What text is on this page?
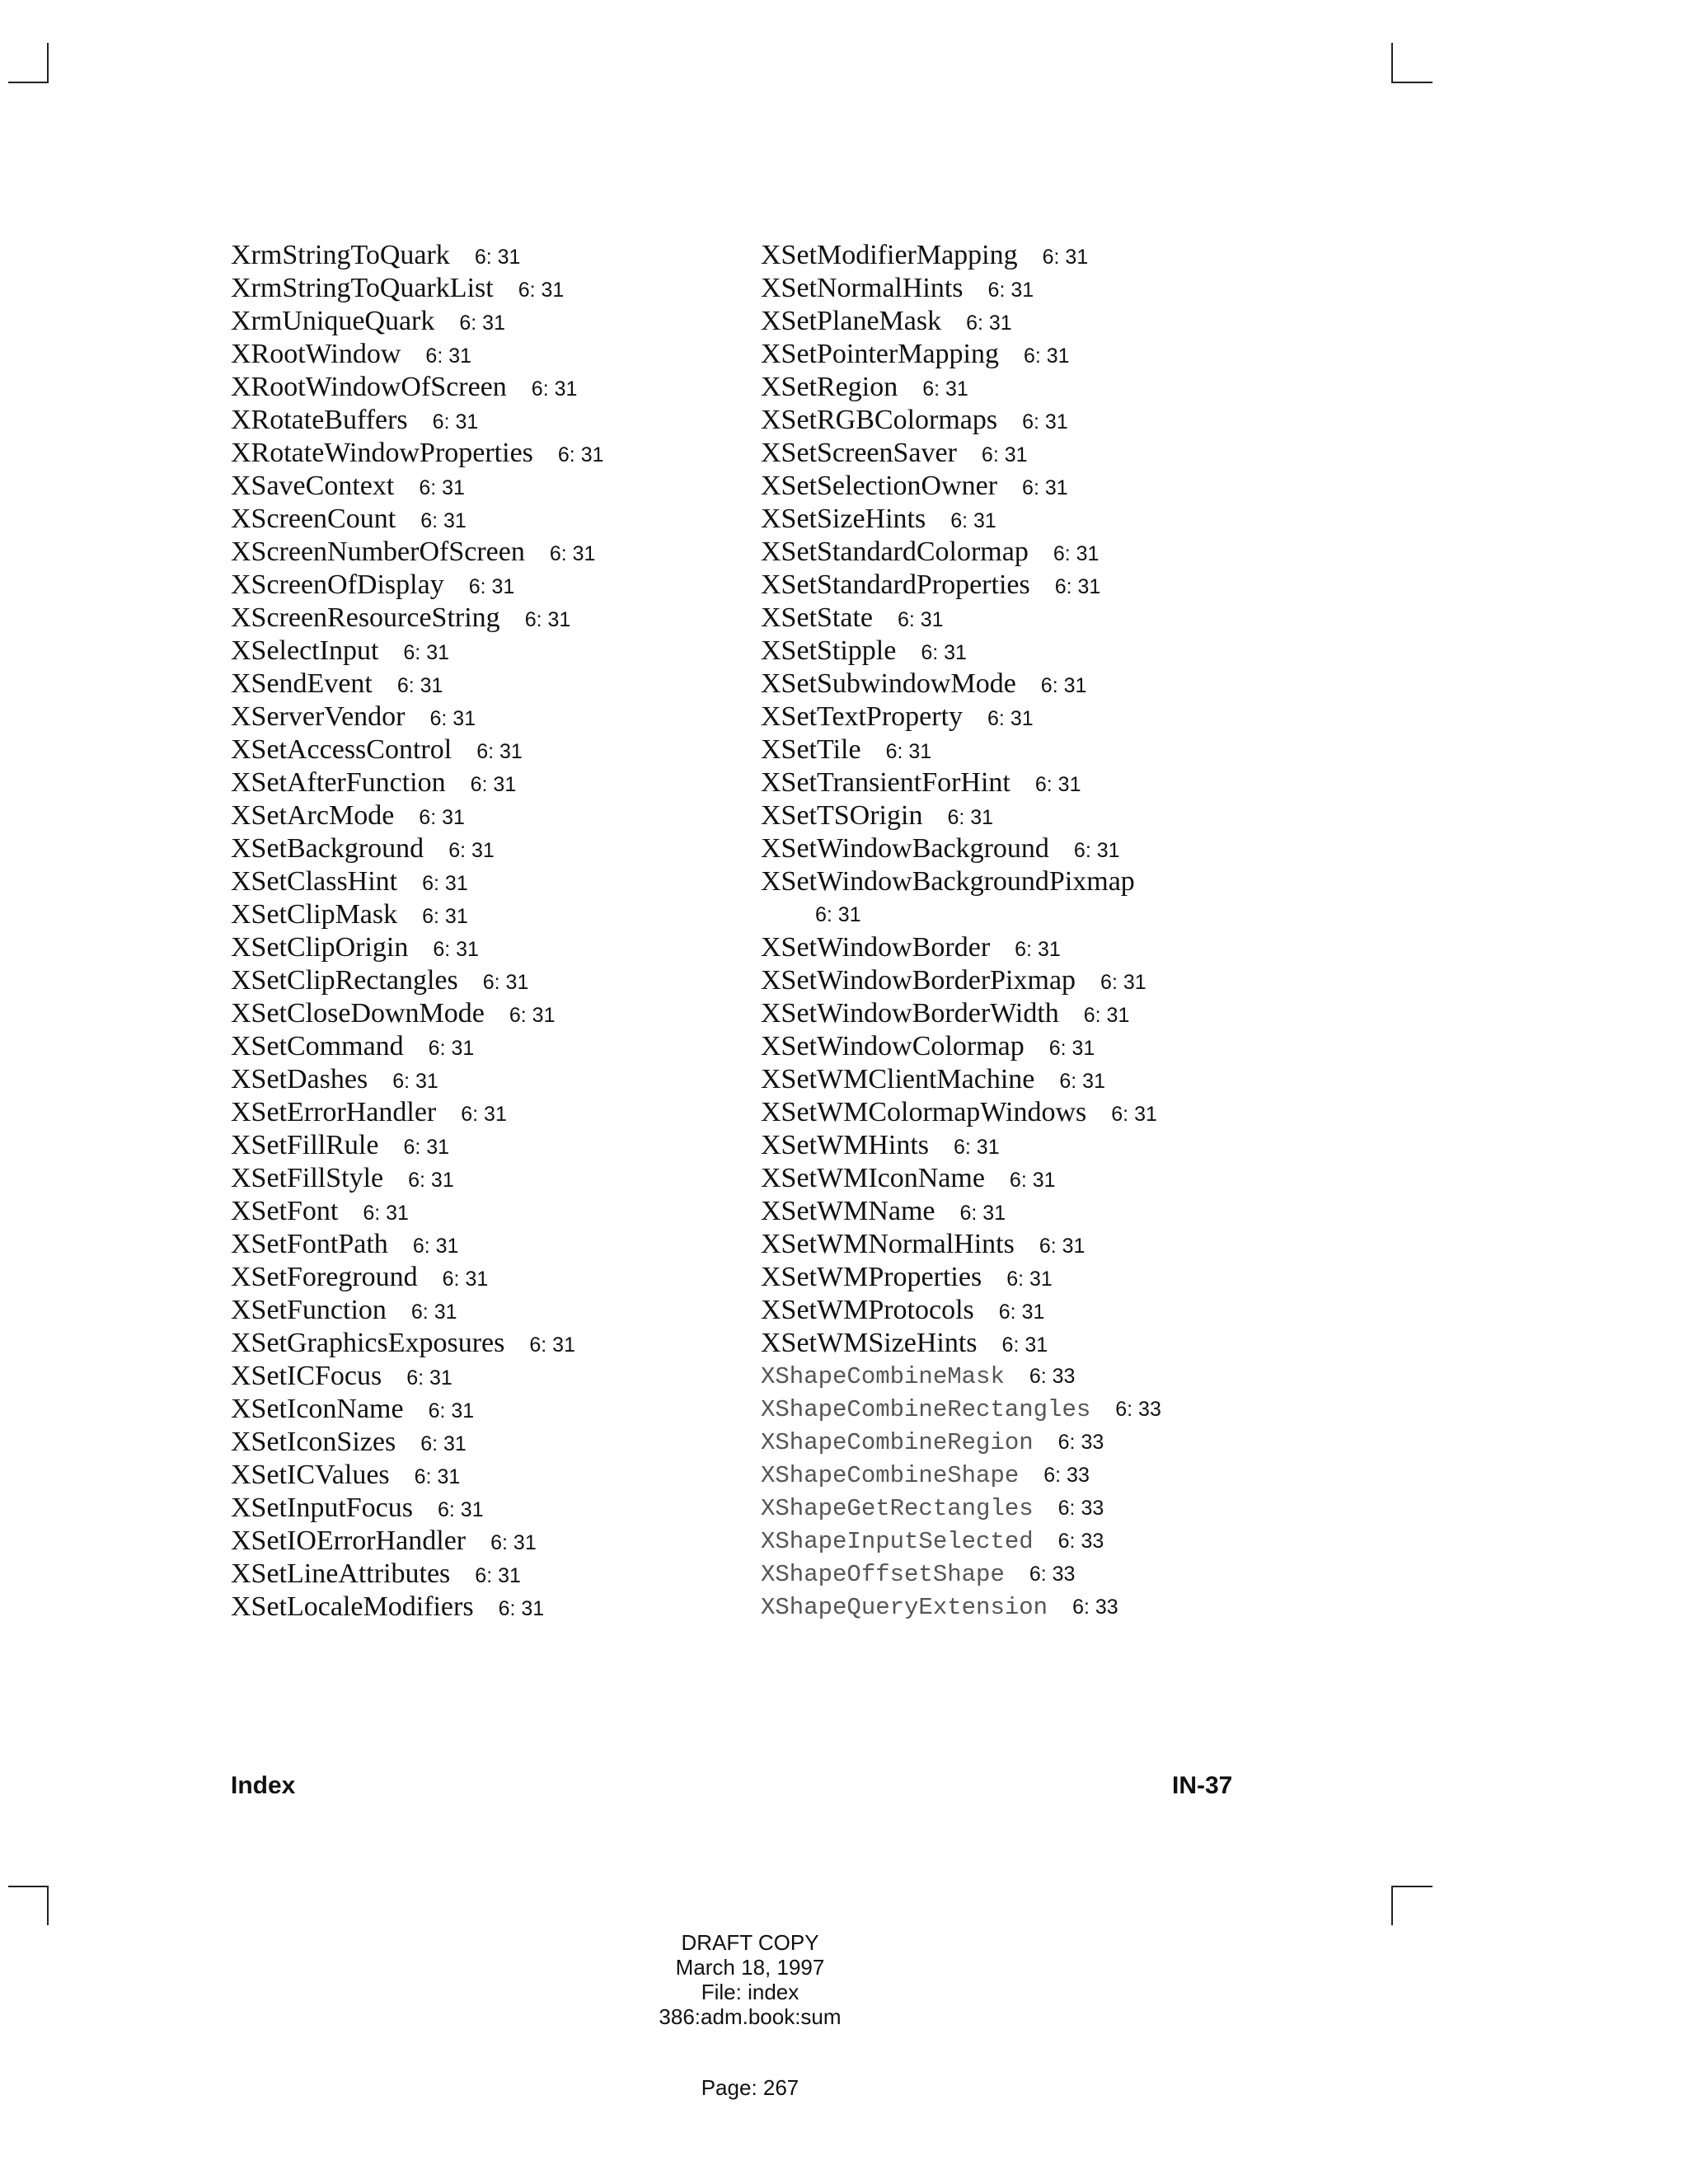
XrmStringToQuark 6: 31
XrmStringToQuarkList 6: 31
XrmUniqueQuark 6: 31
XRootWindow 6: 31
XRootWindowOfScreen 6: 31
XRotateBuffers 6: 31
XRotateWindowProperties 6: 31
XSaveContext 6: 31
XScreenCount 6: 31
XScreenNumberOfScreen 6: 31
XScreenOfDisplay 6: 31
XScreenResourceString 6: 31
XSelectInput 6: 31
XSendEvent 6: 31
XServerVendor 6: 31
XSetAccessControl 6: 31
XSetAfterFunction 6: 31
XSetArcMode 6: 31
XSetBackground 6: 31
XSetClassHint 6: 31
XSetClipMask 6: 31
XSetClipOrigin 6: 31
XSetClipRectangles 6: 31
XSetCloseDownMode 6: 31
XSetCommand 6: 31
XSetDashes 6: 31
XSetErrorHandler 6: 31
XSetFillRule 6: 31
XSetFillStyle 6: 31
XSetFont 6: 31
XSetFontPath 6: 31
XSetForeground 6: 31
XSetFunction 6: 31
XSetGraphicsExposures 6: 31
XSetICFocus 6: 31
XSetIconName 6: 31
XSetIconSizes 6: 31
XSetICValues 6: 31
XSetInputFocus 6: 31
XSetIOErrorHandler 6: 31
XSetLineAttributes 6: 31
XSetLocaleModifiers 6: 31
XSetModifierMapping 6: 31
XSetNormalHints 6: 31
XSetPlaneMask 6: 31
XSetPointerMapping 6: 31
XSetRegion 6: 31
XSetRGBColormaps 6: 31
XSetScreenSaver 6: 31
XSetSelectionOwner 6: 31
XSetSizeHints 6: 31
XSetStandardColormap 6: 31
XSetStandardProperties 6: 31
XSetState 6: 31
XSetStipple 6: 31
XSetSubwindowMode 6: 31
XSetTextProperty 6: 31
XSetTile 6: 31
XSetTransientForHint 6: 31
XSetTSOrigin 6: 31
XSetWindowBackground 6: 31
XSetWindowBackgroundPixmap
6: 31
XSetWindowBorder 6: 31
XSetWindowBorderPixmap 6: 31
XSetWindowBorderWidth 6: 31
XSetWindowColormap 6: 31
XSetWMClientMachine 6: 31
XSetWMColormapWindows 6: 31
XSetWMHints 6: 31
XSetWMIconName 6: 31
XSetWMName 6: 31
XSetWMNormalHints 6: 31
XSetWMProperties 6: 31
XSetWMProtocols 6: 31
XSetWMSizeHints 6: 31
XShapeCombineMask 6: 33
XShapeCombineRectangles 6: 33
XShapeCombineRegion 6: 33
XShapeCombineShape 6: 33
XShapeGetRectangles 6: 33
XShapeInputSelected 6: 33
XShapeOffsetShape 6: 33
XShapeQueryExtension 6: 33
Index	IN-37
DRAFT COPY
March 18, 1997
File: index
386:adm.book:sum
Page: 267
